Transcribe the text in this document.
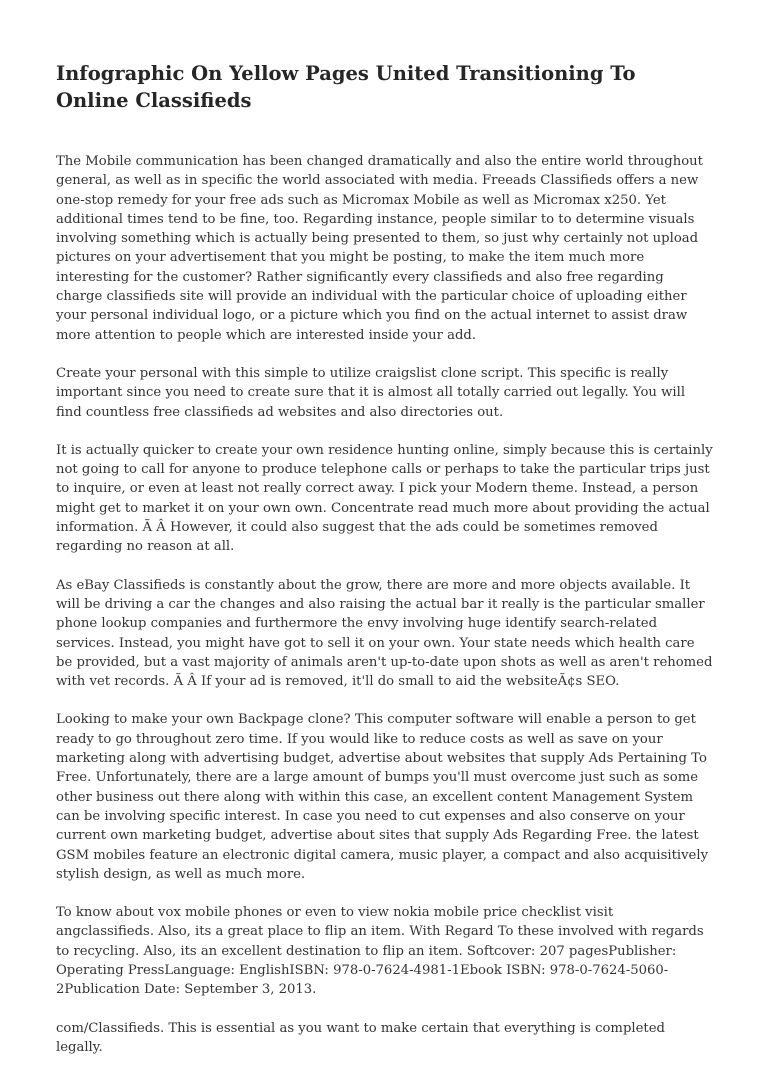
Infographic On Yellow Pages United Transitioning To Online Classifieds

The Mobile communication has been changed dramatically and also the entire world throughout general, as well as in specific the world associated with media. Freeads Classifieds offers a new one-stop remedy for your free ads such as Micromax Mobile as well as Micromax x250. Yet additional times tend to be fine, too. Regarding instance, people similar to to determine visuals involving something which is actually being presented to them, so just why certainly not upload pictures on your advertisement that you might be posting, to make the item much more interesting for the customer? Rather significantly every classifieds and also free regarding charge classifieds site will provide an individual with the particular choice of uploading either your personal individual logo, or a picture which you find on the actual internet to assist draw more attention to people which are interested inside your add.

Create your personal with this simple to utilize craigslist clone script. This specific is really important since you need to create sure that it is almost all totally carried out legally. You will find countless free classifieds ad websites and also directories out.

It is actually quicker to create your own residence hunting online, simply because this is certainly not going to call for anyone to produce telephone calls or perhaps to take the particular trips just to inquire, or even at least not really correct away. I pick your Modern theme. Instead, a person might get to market it on your own own. Concentrate read much more about providing the actual information. Ã Â However, it could also suggest that the ads could be sometimes removed regarding no reason at all.

As eBay Classifieds is constantly about the grow, there are more and more objects available. It will be driving a car the changes and also raising the actual bar it really is the particular smaller phone lookup companies and furthermore the envy involving huge identify search-related services. Instead, you might have got to sell it on your own. Your state needs which health care be provided, but a vast majority of animals aren't up-to-date upon shots as well as aren't rehomed with vet records. Ã Â If your ad is removed, it'll do small to aid the websiteÃ¢s SEO.

Looking to make your own Backpage clone? This computer software will enable a person to get ready to go throughout zero time. If you would like to reduce costs as well as save on your marketing along with advertising budget, advertise about websites that supply Ads Pertaining To Free. Unfortunately, there are a large amount of bumps you'll must overcome just such as some other business out there along with within this case, an excellent content Management System can be involving specific interest. In case you need to cut expenses and also conserve on your current own marketing budget, advertise about sites that supply Ads Regarding Free. the latest GSM mobiles feature an electronic digital camera, music player, a compact and also acquisitively stylish design, as well as much more.

To know about vox mobile phones or even to view nokia mobile price checklist visit angclassifieds. Also, its a great place to flip an item. With Regard To these involved with regards to recycling. Also, its an excellent destination to flip an item. Softcover: 207 pagesPublisher: Operating PressLanguage: EnglishISBN: 978-0-7624-4981-1Ebook ISBN: 978-0-7624-5060-2Publication Date: September 3, 2013.

com/Classifieds. This is essential as you want to make certain that everything is completed legally.
